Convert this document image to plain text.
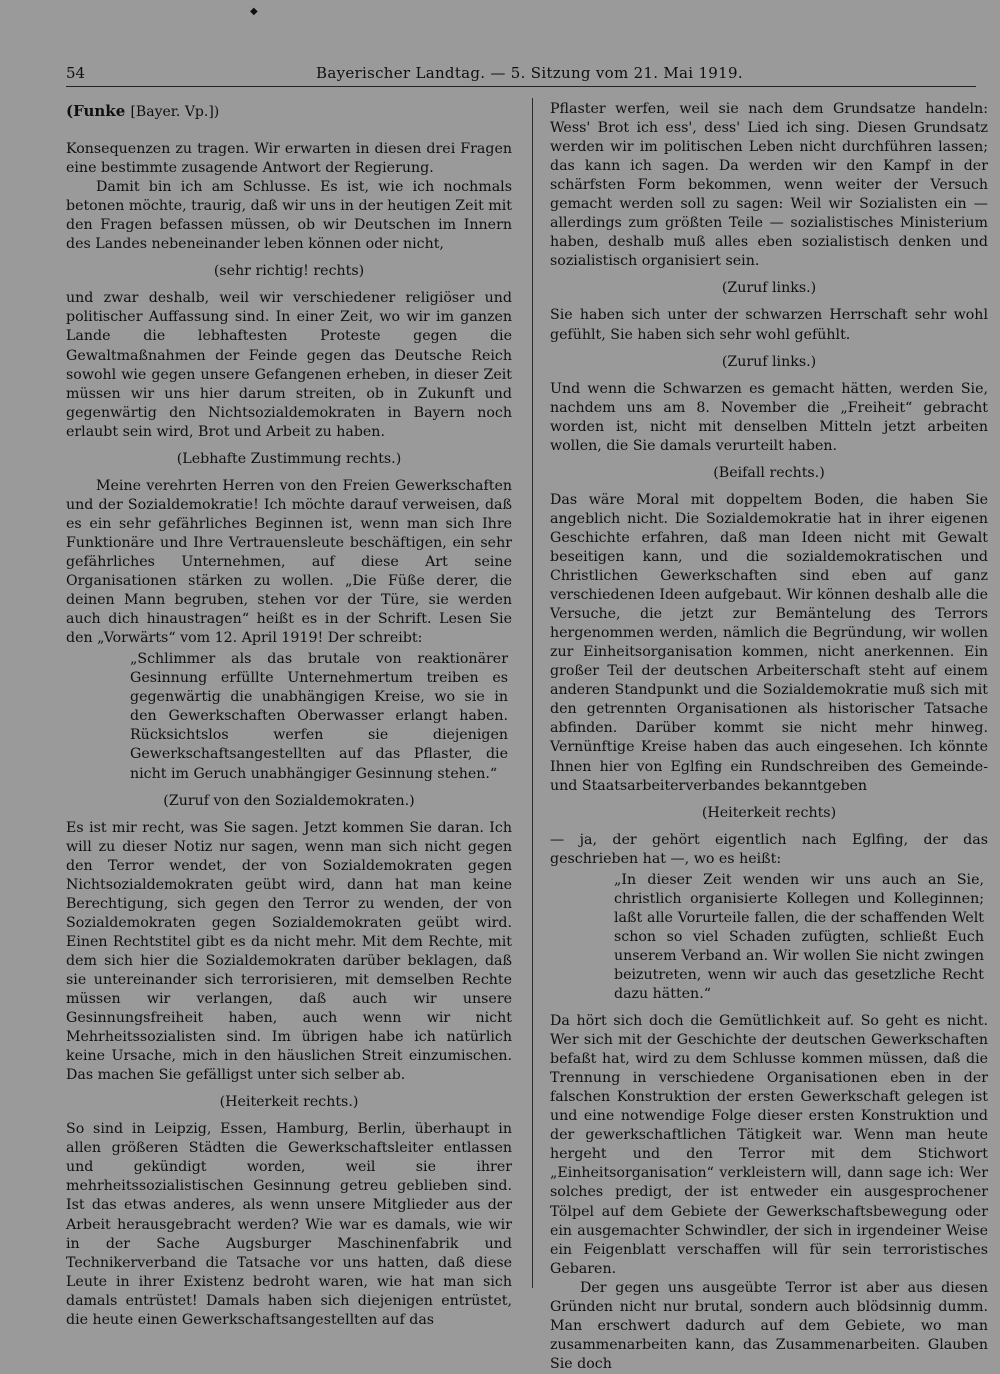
◆
54	Bayerischer Landtag. — 5. Sitzung vom 21. Mai 1919.
(Funke [Bayer. Vp.])

Konsequenzen zu tragen. Wir erwarten in diesen drei Fragen eine bestimmte zusagende Antwort der Regierung.

Damit bin ich am Schlusse. Es ist, wie ich nochmals betonen möchte, traurig, daß wir uns in der heutigen Zeit mit den Fragen befassen müssen, ob wir Deutschen im Innern des Landes nebeneinander leben können oder nicht,

(sehr richtig! rechts)

und zwar deshalb, weil wir verschiedener religiöser und politischer Auffassung sind. In einer Zeit, wo wir im ganzen Lande die lebhaftesten Proteste gegen die Gewaltmaßnahmen der Feinde gegen das Deutsche Reich sowohl wie gegen unsere Gefangenen erheben, in dieser Zeit müssen wir uns hier darum streiten, ob in Zukunft und gegenwärtig den Nichtsozialdemokraten in Bayern noch erlaubt sein wird, Brot und Arbeit zu haben.

(Lebhafte Zustimmung rechts.)

Meine verehrten Herren von den Freien Gewerkschaften und der Sozialdemokratie! Ich möchte darauf verweisen, daß es ein sehr gefährliches Beginnen ist, wenn man sich Ihre Funktionäre und Ihre Vertrauensleute beschäftigen, ein sehr gefährliches Unternehmen, auf diese Art seine Organisationen stärken zu wollen. „Die Füße derer, die deinen Mann begruben, stehen vor der Türe, sie werden auch dich hinaustragen“ heißt es in der Schrift. Lesen Sie den „Vorwärts“ vom 12. April 1919! Der schreibt:

„Schlimmer als das brutale von reaktionärer Gesinnung erfüllte Unternehmertum treiben es gegenwärtig die unabhängigen Kreise, wo sie in den Gewerkschaften Oberwasser erlangt haben. Rücksichtslos werfen sie diejenigen Gewerkschaftsangestellten auf das Pflaster, die nicht im Geruch unabhängiger Gesinnung stehen.“

(Zuruf von den Sozialdemokraten.)

Es ist mir recht, was Sie sagen. Jetzt kommen Sie daran. Ich will zu dieser Notiz nur sagen, wenn man sich nicht gegen den Terror wendet, der von Sozialdemokraten gegen Nichtsozialdemokraten geübt wird, dann hat man keine Berechtigung, sich gegen den Terror zu wenden, der von Sozialdemokraten gegen Sozialdemokraten geübt wird. Einen Rechtstitel gibt es da nicht mehr. Mit dem Rechte, mit dem sich hier die Sozialdemokraten darüber beklagen, daß sie untereinander sich terrorisieren, mit demselben Rechte müssen wir verlangen, daß auch wir unsere Gesinnungsfreiheit haben, auch wenn wir nicht Mehrheitssozialisten sind. Im übrigen habe ich natürlich keine Ursache, mich in den häuslichen Streit einzumischen. Das machen Sie gefälligst unter sich selber ab.

(Heiterkeit rechts.)

So sind in Leipzig, Essen, Hamburg, Berlin, überhaupt in allen größeren Städten die Gewerkschaftsleiter entlassen und gekündigt worden, weil sie ihrer mehrheitssozialistischen Gesinnung getreu geblieben sind. Ist das etwas anderes, als wenn unsere Mitglieder aus der Arbeit herausgebracht werden? Wie war es damals, wie wir in der Sache Augsburger Maschinenfabrik und Technikerverband die Tatsache vor uns hatten, daß diese Leute in ihrer Existenz bedroht waren, wie hat man sich damals entrüstet! Damals haben sich diejenigen entrüstet, die heute einen Gewerkschaftsangestellten auf das

Pflaster werfen, weil sie nach dem Grundsatze handeln: Wess' Brot ich ess', dess' Lied ich sing. Diesen Grundsatz werden wir im politischen Leben nicht durchführen lassen; das kann ich sagen. Da werden wir den Kampf in der schärfsten Form bekommen, wenn weiter der Versuch gemacht werden soll zu sagen: Weil wir Sozialisten ein — allerdings zum größten Teile — sozialistisches Ministerium haben, deshalb muß alles eben sozialistisch denken und sozialistisch organisiert sein.

(Zuruf links.)

Sie haben sich unter der schwarzen Herrschaft sehr wohl gefühlt, Sie haben sich sehr wohl gefühlt.

(Zuruf links.)

Und wenn die Schwarzen es gemacht hätten, werden Sie, nachdem uns am 8. November die „Freiheit“ gebracht worden ist, nicht mit denselben Mitteln jetzt arbeiten wollen, die Sie damals verurteilt haben.

(Beifall rechts.)

Das wäre Moral mit doppeltem Boden, die haben Sie angeblich nicht. Die Sozialdemokratie hat in ihrer eigenen Geschichte erfahren, daß man Ideen nicht mit Gewalt beseitigen kann, und die sozialdemokratischen und Christlichen Gewerkschaften sind eben auf ganz verschiedenen Ideen aufgebaut. Wir können deshalb alle die Versuche, die jetzt zur Bemäntelung des Terrors hergenommen werden, nämlich die Begründung, wir wollen zur Einheitsorganisation kommen, nicht anerkennen. Ein großer Teil der deutschen Arbeiterschaft steht auf einem anderen Standpunkt und die Sozialdemokratie muß sich mit den getrennten Organisationen als historischer Tatsache abfinden. Darüber kommt sie nicht mehr hinweg. Vernünftige Kreise haben das auch eingesehen. Ich könnte Ihnen hier von Eglfing ein Rundschreiben des Gemeinde- und Staatsarbeiterverbandes bekanntgeben

(Heiterkeit rechts)

— ja, der gehört eigentlich nach Eglfing, der das geschrieben hat —, wo es heißt:

„In dieser Zeit wenden wir uns auch an Sie, christlich organisierte Kollegen und Kolleginnen; laßt alle Vorurteile fallen, die der schaffenden Welt schon so viel Schaden zufügten, schließt Euch unserem Verband an. Wir wollen Sie nicht zwingen beizutreten, wenn wir auch das gesetzliche Recht dazu hätten.“

Da hört sich doch die Gemütlichkeit auf. So geht es nicht. Wer sich mit der Geschichte der deutschen Gewerkschaften befaßt hat, wird zu dem Schlusse kommen müssen, daß die Trennung in verschiedene Organisationen eben in der falschen Konstruktion der ersten Gewerkschaft gelegen ist und eine notwendige Folge dieser ersten Konstruktion und der gewerkschaftlichen Tätigkeit war. Wenn man heute hergeht und den Terror mit dem Stichwort „Einheitsorganisation“ verkleistern will, dann sage ich: Wer solches predigt, der ist entweder ein ausgesprochener Tölpel auf dem Gebiete der Gewerkschaftsbewegung oder ein ausgemachter Schwindler, der sich in irgendeiner Weise ein Feigenblatt verschaffen will für sein terroristisches Gebaren.

Der gegen uns ausgeübte Terror ist aber aus diesen Gründen nicht nur brutal, sondern auch blödsinnig dumm. Man erschwert dadurch auf dem Gebiete, wo man zusammenarbeiten kann, das Zusammenarbeiten. Glauben Sie doch
